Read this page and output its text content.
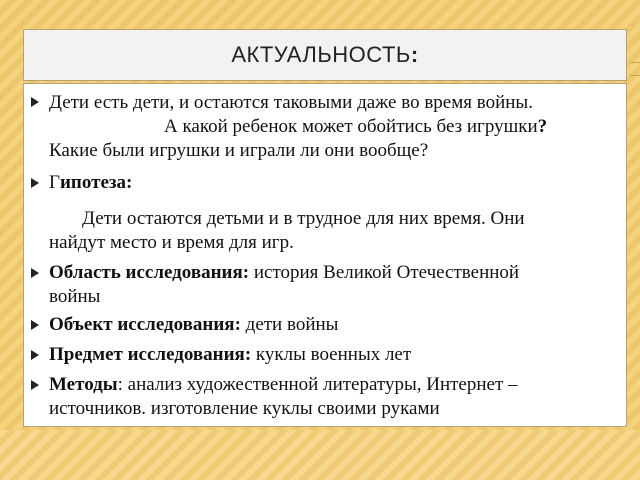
АКТУАЛЬНОСТЬ:
Дети есть дети, и остаются таковыми даже во время войны.
А какой ребенок может обойтись без игрушки?
Какие были игрушки и играли ли они вообще?
Гипотеза:
Дети остаются детьми и в трудное для них время. Они
найдут место и время для игр.
Область исследования: история Великой Отечественной
войны
Объект исследования: дети войны
Предмет исследования: куклы военных лет
Методы: анализ художественной литературы, Интернет –
источников. изготовление куклы своими руками
